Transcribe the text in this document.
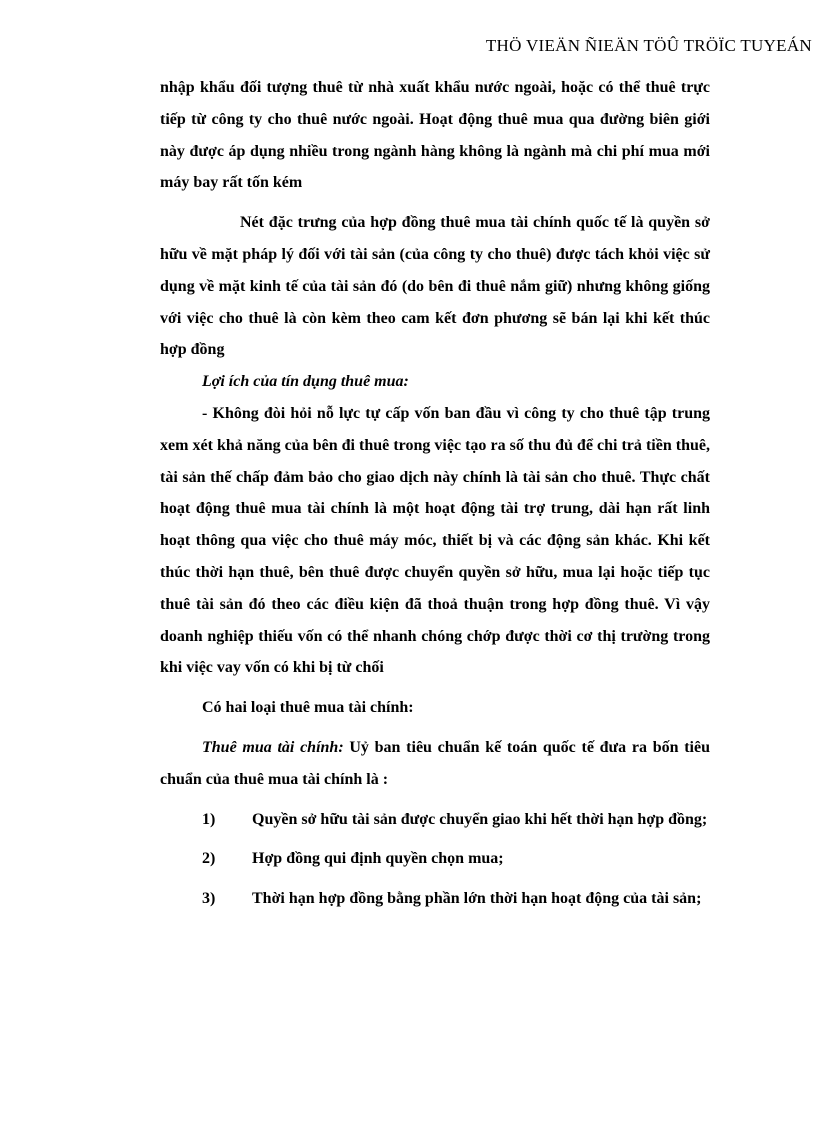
THÖ VIEÄN ÑIEÄN TÖÛ TRÖÏC TUYEÁN

nhập khẩu đối tượng thuê từ nhà xuất khẩu nước ngoài, hoặc có thể thuê trực tiếp từ công ty cho thuê nước ngoài. Hoạt động thuê mua qua đường biên giới này được áp dụng nhiều trong ngành hàng không là ngành mà chi phí mua mới máy bay rất tốn kém

Nét đặc trưng của hợp đồng thuê mua tài chính quốc tế là quyền sở hữu về mặt pháp lý đối với tài sản (của công ty cho thuê) được tách khỏi việc sử dụng về mặt kinh tế của tài sản đó (do bên đi thuê nắm giữ) nhưng không giống với việc cho thuê là còn kèm theo cam kết đơn phương sẽ bán lại khi kết thúc hợp đồng

Lợi ích của tín dụng thuê mua:

- Không đòi hỏi nỗ lực tự cấp vốn ban đầu vì công ty cho thuê tập trung xem xét khả năng của bên đi thuê trong việc tạo ra số thu đủ để chi trả tiền thuê, tài sản thế chấp đảm bảo cho giao dịch này chính là tài sản cho thuê. Thực chất hoạt động thuê mua tài chính là một hoạt động tài trợ trung, dài hạn rất linh hoạt thông qua việc cho thuê máy móc, thiết bị và các động sản khác. Khi kết thúc thời hạn thuê, bên thuê được chuyển quyền sở hữu, mua lại hoặc tiếp tục thuê tài sản đó theo các điều kiện đã thoả thuận trong hợp đồng thuê. Vì vậy doanh nghiệp thiếu vốn có thể nhanh chóng chớp được thời cơ thị trường trong khi việc vay vốn có khi bị từ chối

Có hai loại thuê mua tài chính:

Thuê mua tài chính: Uỷ ban tiêu chuẩn kế toán quốc tế đưa ra bốn tiêu chuẩn của thuê mua tài chính là :

1) Quyền sở hữu tài sản được chuyển giao khi hết thời hạn hợp đồng;

2) Hợp đồng qui định quyền chọn mua;

3) Thời hạn hợp đồng bằng phần lớn thời hạn hoạt động của tài sản;
